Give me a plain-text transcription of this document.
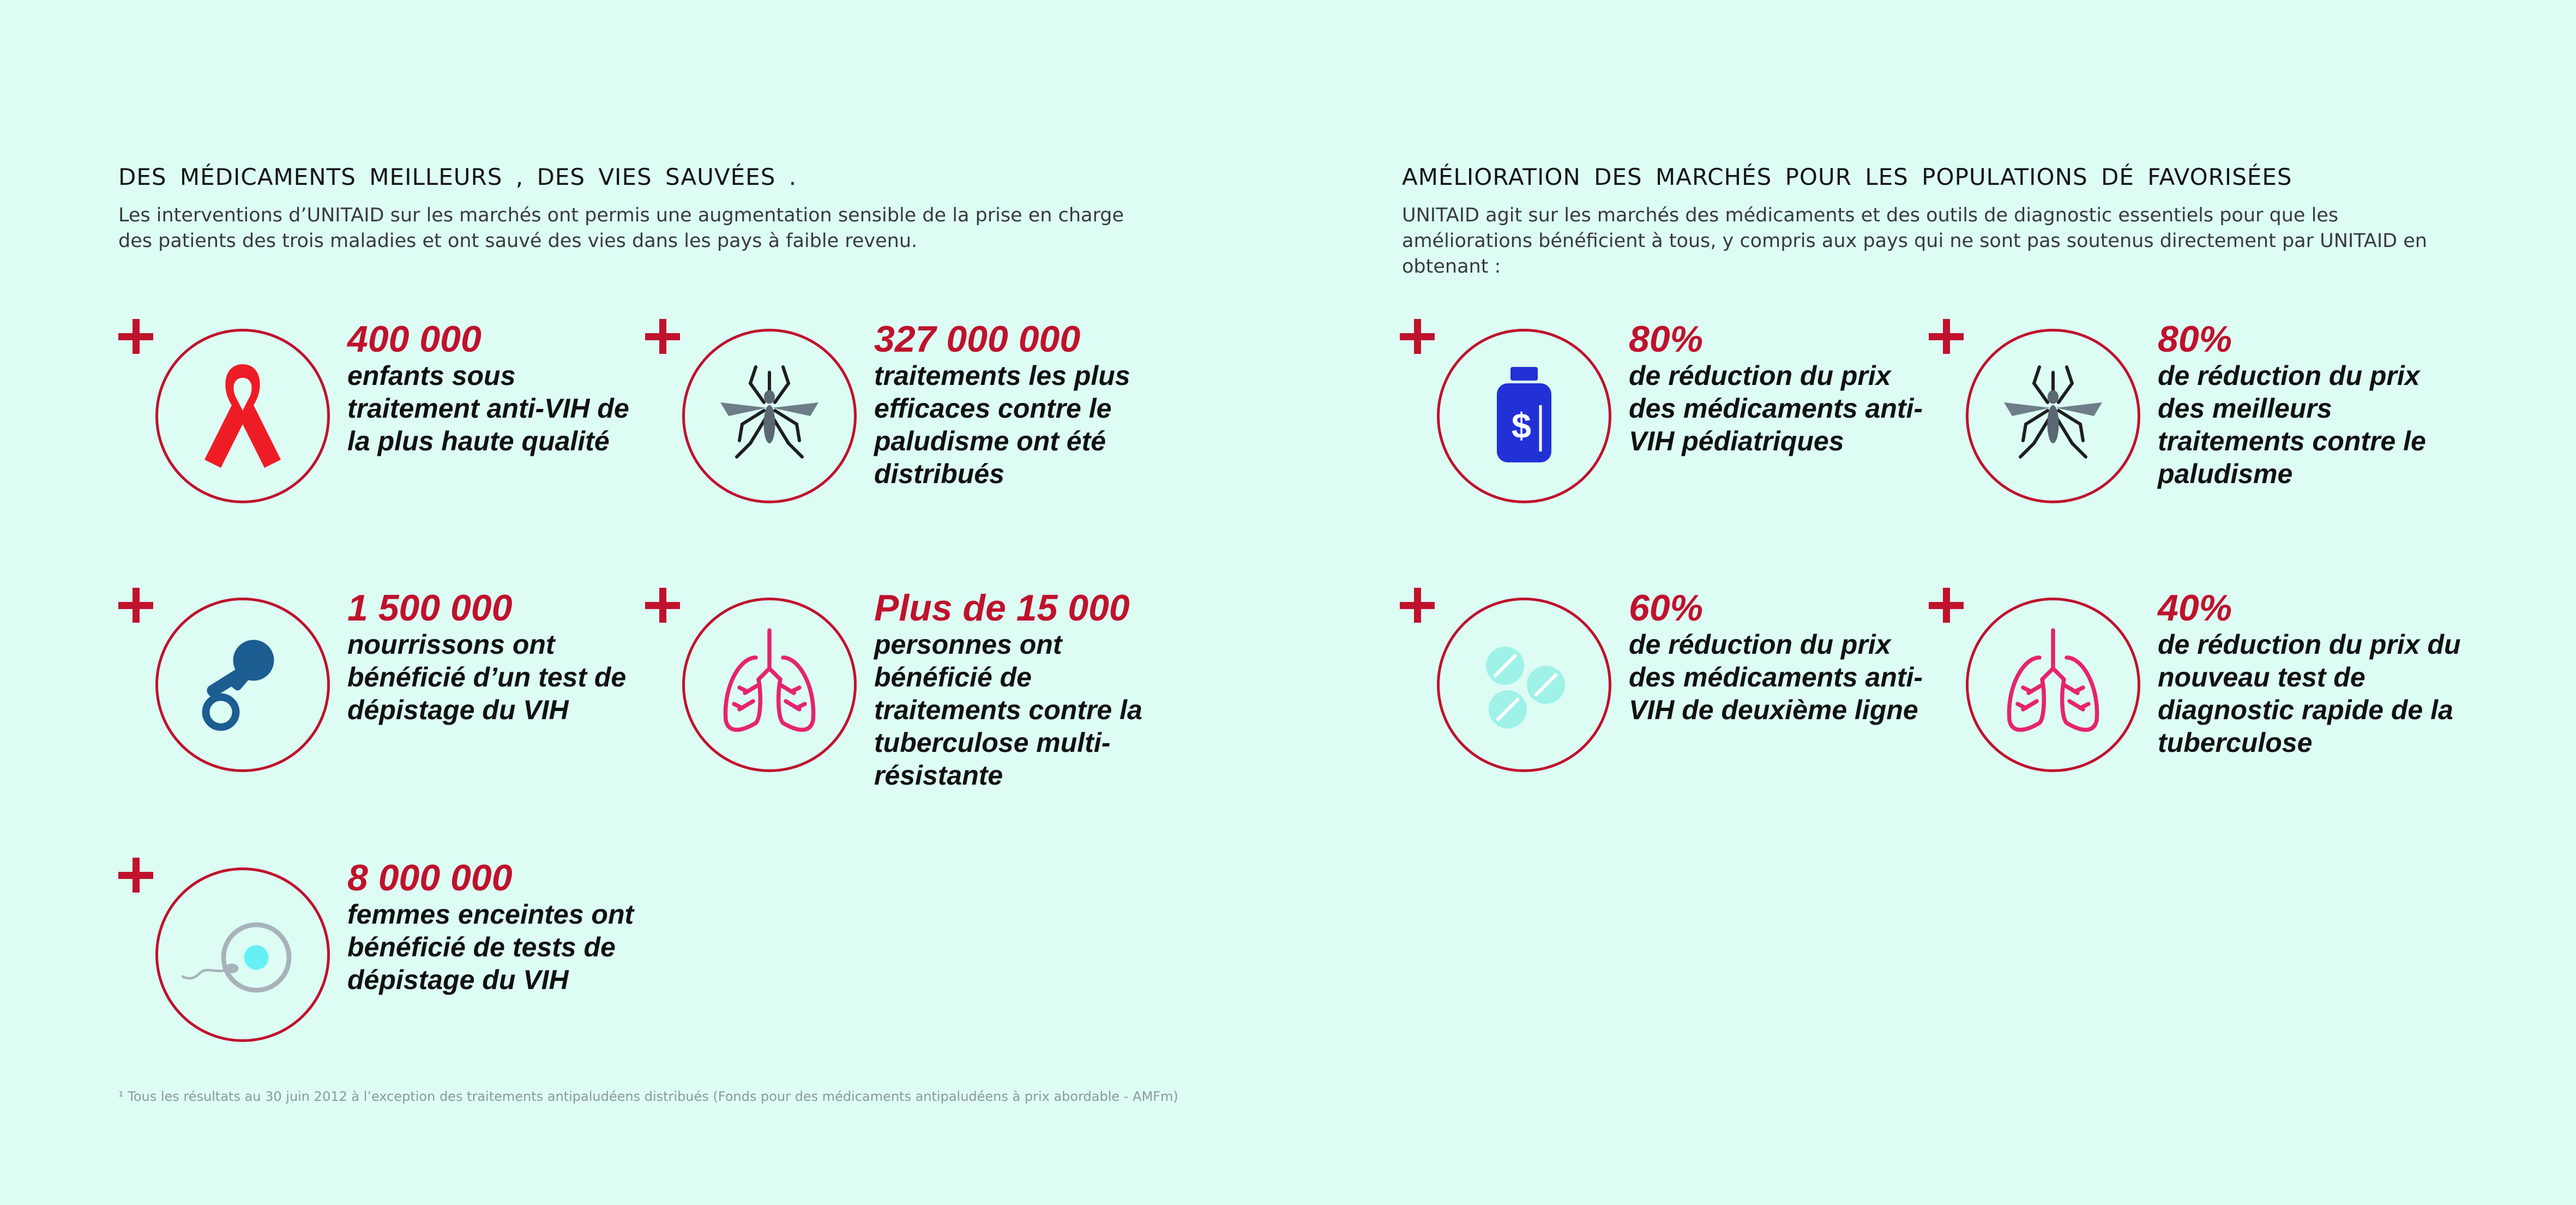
DES MÉDICAMENTS MEILLEURS , DES VIES SAUVÉES .

Les interventions d’UNITAID sur les marchés ont permis une augmentation sensible de la prise en charge des patients des trois maladies et ont sauvé des vies dans les pays à faible revenu.

400 000
enfants sous traitement anti-VIH de la plus haute qualité
327 000 000
traitements les plus efficaces contre le paludisme ont été distribués
1 500 000
nourrissons ont bénéficié d’un test de dépistage du VIH
Plus de 15 000
personnes ont bénéficié de traitements contre la tuberculose multi-résistante
8 000 000
femmes enceintes ont bénéficié de tests de dépistage du VIH
AMÉLIORATION DES MARCHÉS POUR LES POPULATIONS DÉ FAVORISÉES

UNITAID agit sur les marchés des médicaments et des outils de diagnostic essentiels pour que les améliorations bénéficient à tous, y compris aux pays qui ne sont pas soutenus directement par UNITAID en obtenant :

$
80%
de réduction du prix des médicaments anti-VIH pédiatriques
80%
de réduction du prix des meilleurs traitements contre le paludisme
60%
de réduction du prix des médicaments anti-VIH de deuxième ligne
40%
de réduction du prix du nouveau test de diagnostic rapide de la tuberculose

¹ Tous les résultats au 30 juin 2012 à l’exception des traitements antipaludéens distribués (Fonds pour des médicaments antipaludéens à prix abordable - AMFm)
